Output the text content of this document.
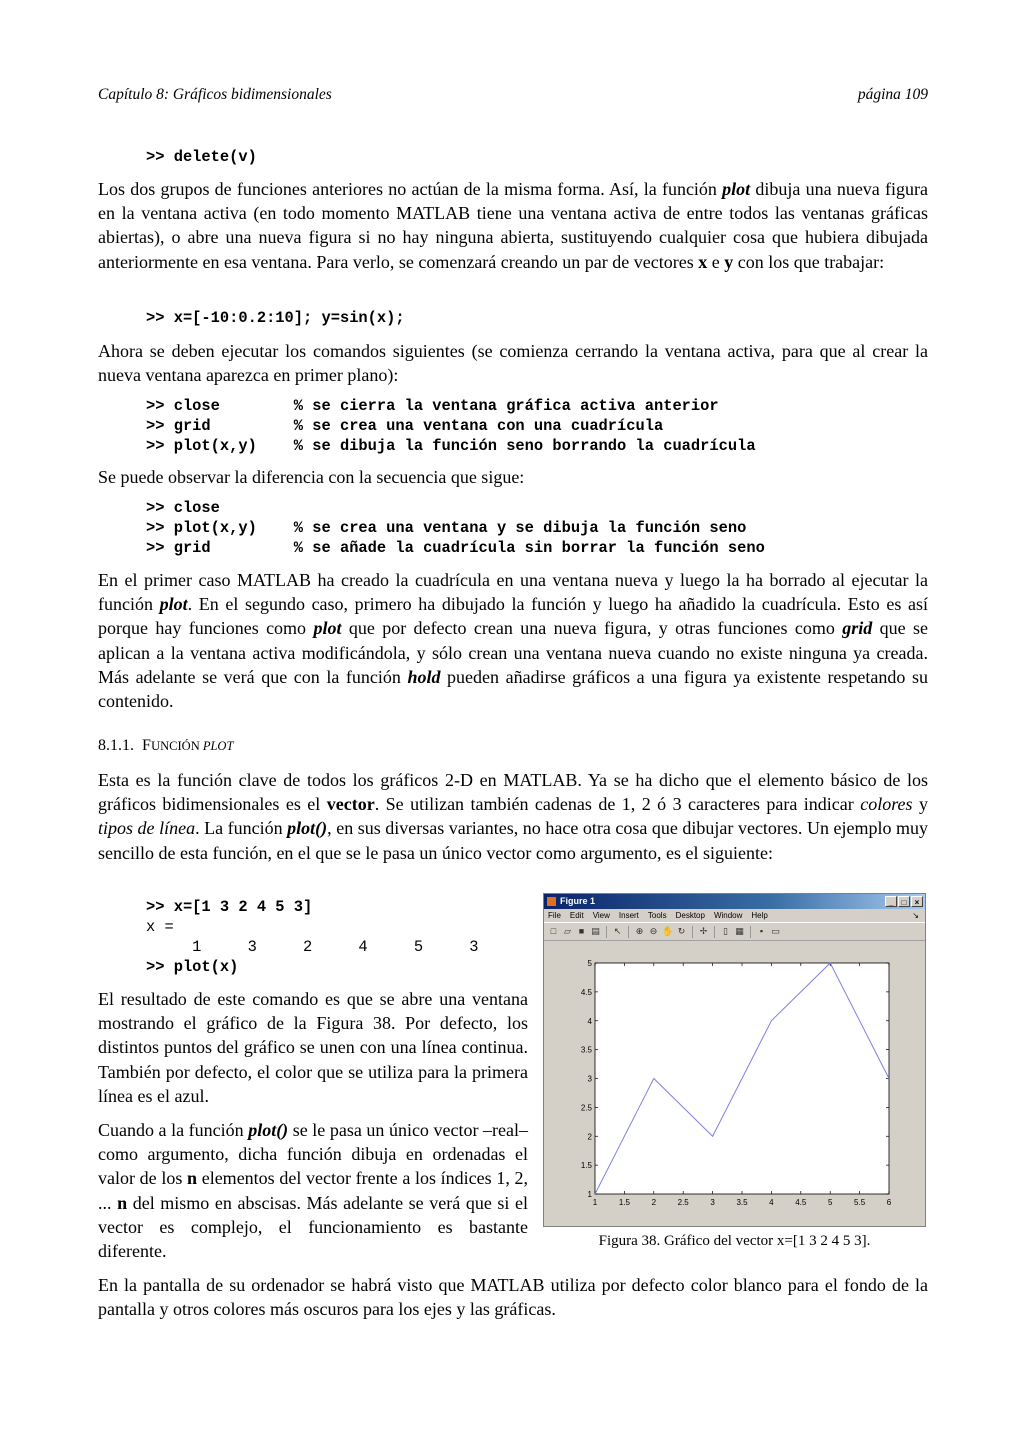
Capítulo 8: Gráficos bidimensionales	página 109
>> delete(v)

Los dos grupos de funciones anteriores no actúan de la misma forma. Así, la función plot dibuja una nueva figura en la ventana activa (en todo momento MATLAB tiene una ventana activa de entre todos las ventanas gráficas abiertas), o abre una nueva figura si no hay ninguna abierta, sustituyendo cualquier cosa que hubiera dibujada anteriormente en esa ventana. Para verlo, se comenzará creando un par de vectores x e y con los que trabajar:

>> x=[-10:0.2:10]; y=sin(x);

Ahora se deben ejecutar los comandos siguientes (se comienza cerrando la ventana activa, para que al crear la nueva ventana aparezca en primer plano):

>> close        % se cierra la ventana gráfica activa anterior
>> grid         % se crea una ventana con una cuadrícula
>> plot(x,y)    % se dibuja la función seno borrando la cuadrícula

Se puede observar la diferencia con la secuencia que sigue:

>> close
>> plot(x,y)    % se crea una ventana y se dibuja la función seno
>> grid         % se añade la cuadrícula sin borrar la función seno

En el primer caso MATLAB ha creado la cuadrícula en una ventana nueva y luego la ha borrado al ejecutar la función plot. En el segundo caso, primero ha dibujado la función y luego ha añadido la cuadrícula. Esto es así porque hay funciones como plot que por defecto crean una nueva figura, y otras funciones como grid que se aplican a la ventana activa modificándola, y sólo crean una ventana nueva cuando no existe ninguna ya creada. Más adelante se verá que con la función hold pueden añadirse gráficos a una figura ya existente respetando su contenido.

8.1.1. FUNCIÓN PLOT

Esta es la función clave de todos los gráficos 2-D en MATLAB. Ya se ha dicho que el elemento básico de los gráficos bidimensionales es el vector. Se utilizan también cadenas de 1, 2 ó 3 caracteres para indicar colores y tipos de línea. La función plot(), en sus diversas variantes, no hace otra cosa que dibujar vectores. Un ejemplo muy sencillo de esta función, en el que se le pasa un único vector como argumento, es el siguiente:

>> x=[1 3 2 4 5 3]
x =
1     3     2     4     5     3
>> plot(x)

El resultado de este comando es que se abre una ventana mostrando el gráfico de la Figura 38. Por defecto, los distintos puntos del gráfico se unen con una línea continua. También por defecto, el color que se utiliza para la primera línea es el azul.

Cuando a la función plot() se le pasa un único vector –real– como argumento, dicha función dibuja en ordenadas el valor de los n elementos del vector frente a los índices 1, 2, ... n del mismo en abscisas. Más adelante se verá que si el vector es complejo, el funcionamiento es bastante diferente.

En la pantalla de su ordenador se habrá visto que MATLAB utiliza por defecto color blanco para el fondo de la pantalla y otros colores más oscuros para los ejes y las gráficas.

Figure 1	_	□	×
File Edit View Insert Tools Desktop Window Help	↘
□ ▱ ■ ▤ ↖ ⊕ ⊖ ✋ ↻ ✢	▯ ▦	▪ ▭
1	1.5	2	2.5	3	3.5	4	4.5	5	5.5	6
1
1.5
2
2.5
3
3.5
4
4.5
5
Figura 38. Gráfico del vector x=[1 3 2 4 5 3].
